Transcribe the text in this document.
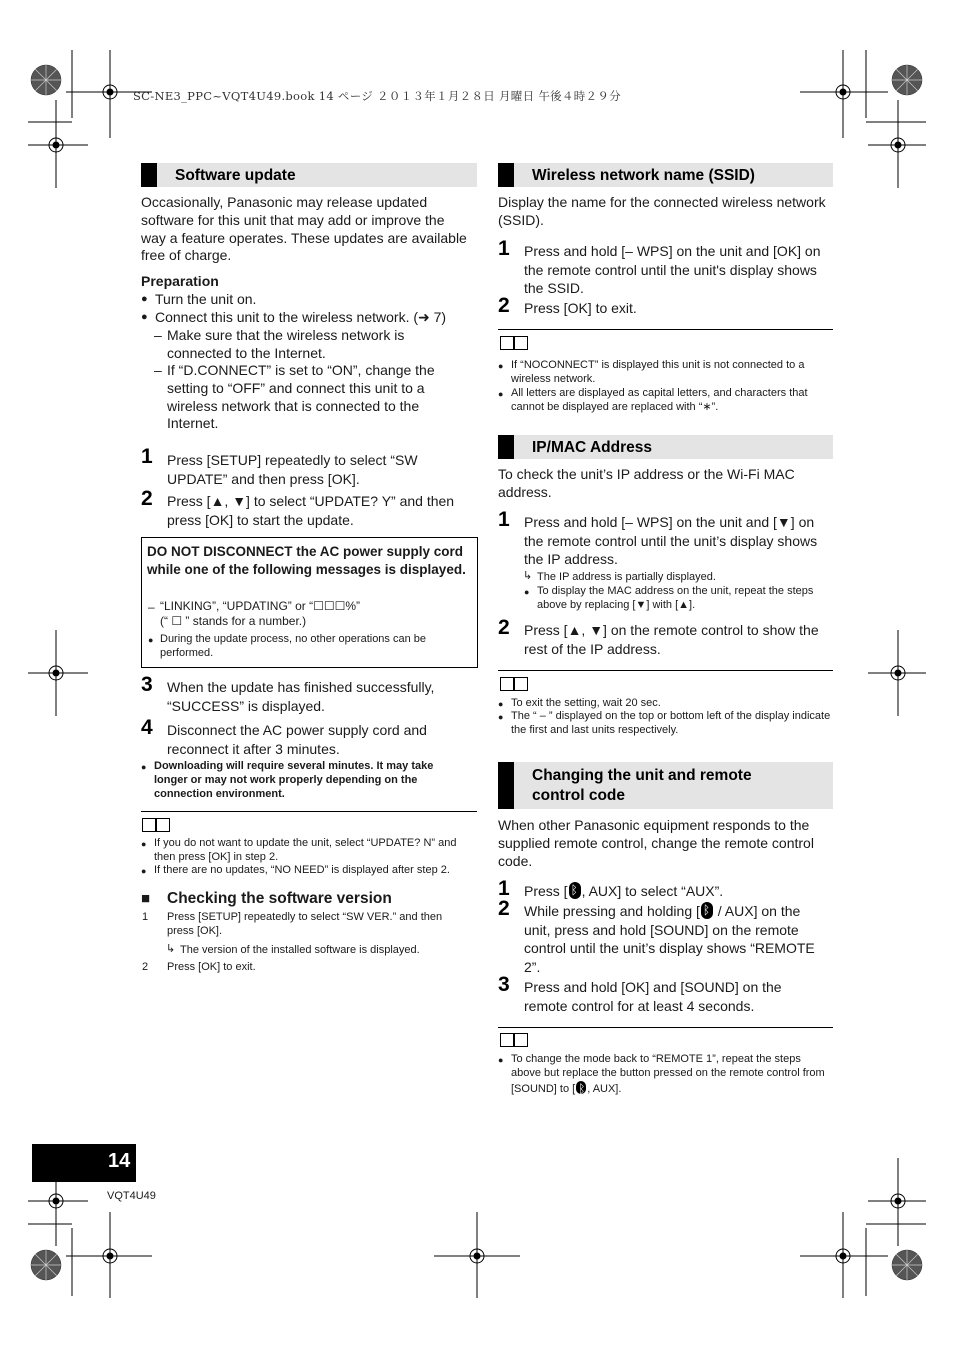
SC-NE3_PPC~VQT4U49.book 14 ページ ２０１３年１月２８日 月曜日 午後４時２９分
Software update
Occasionally, Panasonic may release updated software for this unit that may add or improve the way a feature operates. These updates are available free of charge.
Preparation
● Turn the unit on.
● Connect this unit to the wireless network. (➜ 7)
– Make sure that the wireless network is connected to the Internet.
– If “D.CONNECT” is set to “ON”, change the setting to “OFF” and connect this unit to a wireless network that is connected to the Internet.
1 Press [SETUP] repeatedly to select “SW UPDATE” and then press [OK].
2 Press [▲, ▼] to select “UPDATE? Y” and then press [OK] to start the update.
DO NOT DISCONNECT the AC power supply cord while one of the following messages is displayed.
– “LINKING”, “UPDATING” or “☐☐☐%”
(“ ☐ ” stands for a number.)
● During the update process, no other operations can be performed.
3 When the update has finished successfully, “SUCCESS” is displayed.
4 Disconnect the AC power supply cord and reconnect it after 3 minutes.
● Downloading will require several minutes. It may take longer or may not work properly depending on the connection environment.
● If you do not want to update the unit, select “UPDATE? N” and then press [OK] in step 2.
● If there are no updates, “NO NEED” is displayed after step 2.
■ Checking the software version
1 Press [SETUP] repeatedly to select “SW VER.” and then press [OK].
↳ The version of the installed software is displayed.
2 Press [OK] to exit.
Wireless network name (SSID)
Display the name for the connected wireless network (SSID).
1 Press and hold [– WPS] on the unit and [OK] on the remote control until the unit's display shows the SSID.
2 Press [OK] to exit.
● If “NOCONNECT” is displayed this unit is not connected to a wireless network.
● All letters are displayed as capital letters, and characters that cannot be displayed are replaced with “∗”.
IP/MAC Address
To check the unit’s IP address or the Wi-Fi MAC address.
1 Press and hold [– WPS] on the unit and [▼] on the remote control until the unit’s display shows the IP address.
↳ The IP address is partially displayed.
● To display the MAC address on the unit, repeat the steps above by replacing [▼] with [▲].
2 Press [▲, ▼] on the remote control to show the rest of the IP address.
● To exit the setting, wait 20 sec.
● The “ – ” displayed on the top or bottom left of the display indicate the first and last units respectively.
Changing the unit and remote
control code
When other Panasonic equipment responds to the supplied remote control, change the remote control code.
1 Press [ ᛒ , AUX] to select “AUX”.
2 While pressing and holding [ᛒ / AUX] on the unit, press and hold [SOUND] on the remote control until the unit’s display shows “REMOTE 2”.
3 Press and hold [OK] and [SOUND] on the remote control for at least 4 seconds.
● To change the mode back to “REMOTE 1”, repeat the steps above but replace the button pressed on the remote control from [SOUND] to [ ᛒ , AUX].
14
VQT4U49
